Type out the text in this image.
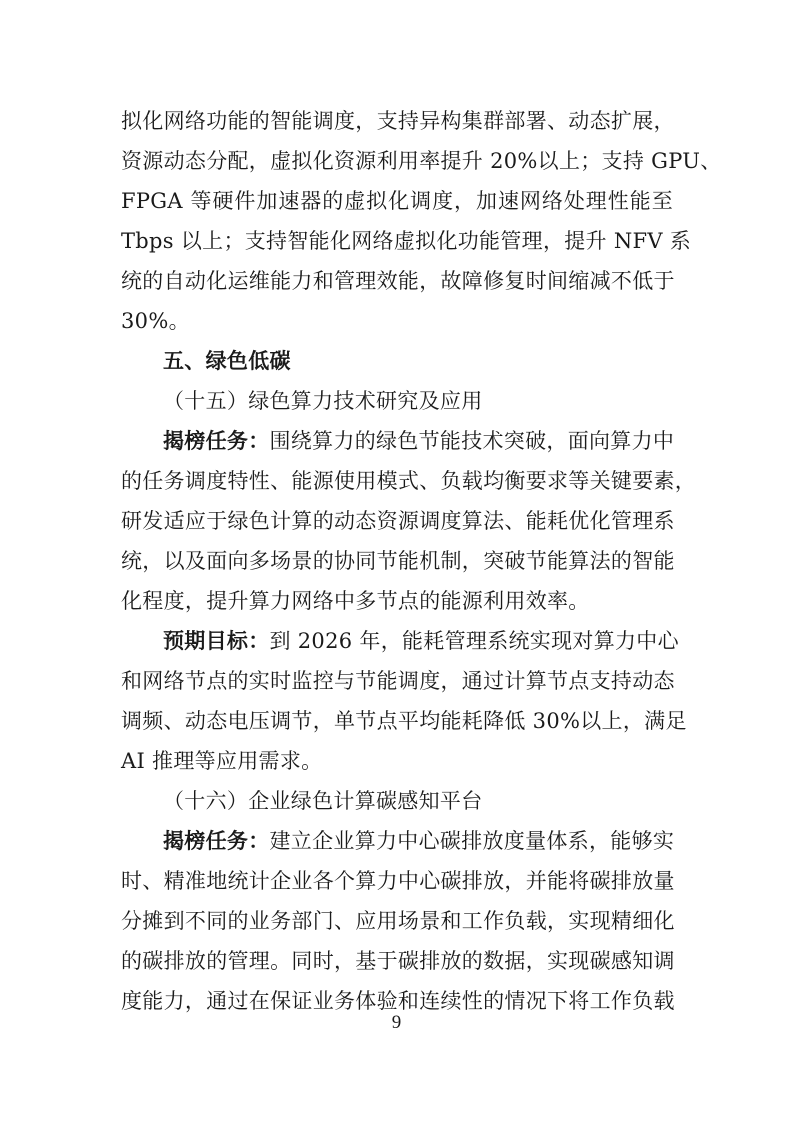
拟化网络功能的智能调度，支持异构集群部署、动态扩展，
资源动态分配，虚拟化资源利用率提升 20%以上；支持 GPU、
FPGA 等硬件加速器的虚拟化调度，加速网络处理性能至
Tbps 以上；支持智能化网络虚拟化功能管理，提升 NFV 系
统的自动化运维能力和管理效能，故障修复时间缩减不低于
30%。
五、绿色低碳
（十五）绿色算力技术研究及应用
揭榜任务：围绕算力的绿色节能技术突破，面向算力中
的任务调度特性、能源使用模式、负载均衡要求等关键要素，
研发适应于绿色计算的动态资源调度算法、能耗优化管理系
统，以及面向多场景的协同节能机制，突破节能算法的智能
化程度，提升算力网络中多节点的能源利用效率。
预期目标：到 2026 年，能耗管理系统实现对算力中心
和网络节点的实时监控与节能调度，通过计算节点支持动态
调频、动态电压调节，单节点平均能耗降低 30%以上，满足
AI 推理等应用需求。
（十六）企业绿色计算碳感知平台
揭榜任务：建立企业算力中心碳排放度量体系，能够实
时、精准地统计企业各个算力中心碳排放，并能将碳排放量
分摊到不同的业务部门、应用场景和工作负载，实现精细化
的碳排放的管理。同时，基于碳排放的数据，实现碳感知调
度能力，通过在保证业务体验和连续性的情况下将工作负载
9
